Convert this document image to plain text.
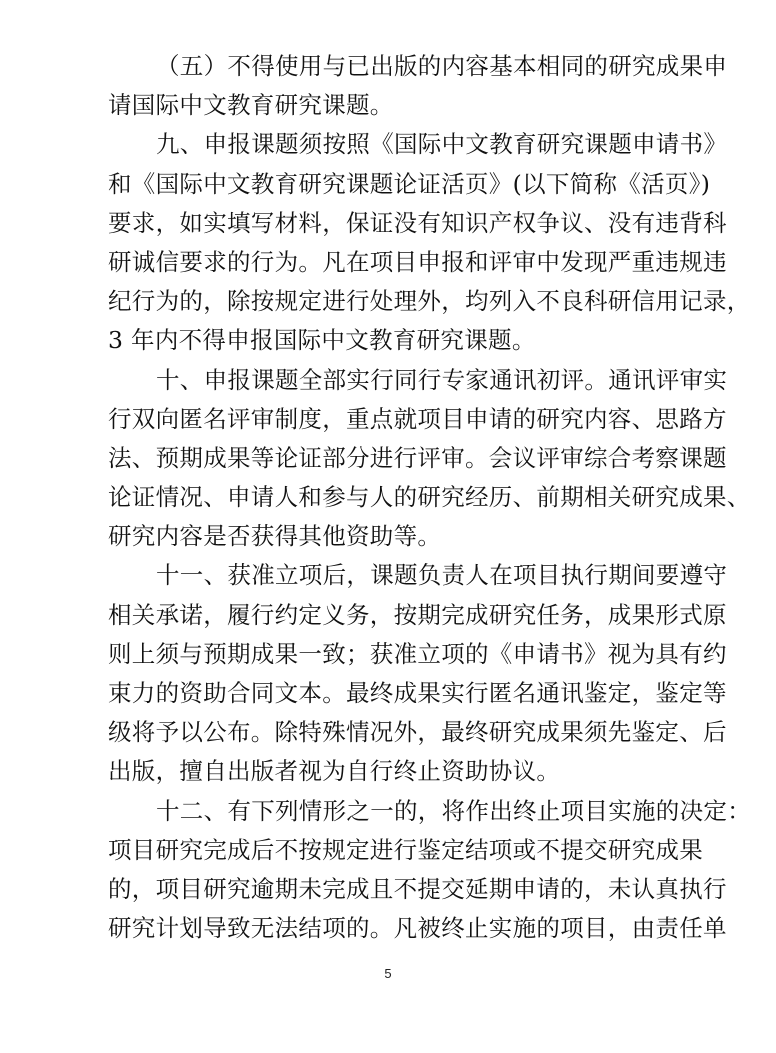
（五）不得使用与已出版的内容基本相同的研究成果申
请国际中文教育研究课题。
九、申报课题须按照《国际中文教育研究课题申请书》
和《国际中文教育研究课题论证活页》(以下简称《活页》)
要求，如实填写材料，保证没有知识产权争议、没有违背科
研诚信要求的行为。凡在项目申报和评审中发现严重违规违
纪行为的，除按规定进行处理外，均列入不良科研信用记录，
3 年内不得申报国际中文教育研究课题。
十、申报课题全部实行同行专家通讯初评。通讯评审实
行双向匿名评审制度，重点就项目申请的研究内容、思路方
法、预期成果等论证部分进行评审。会议评审综合考察课题
论证情况、申请人和参与人的研究经历、前期相关研究成果、
研究内容是否获得其他资助等。
十一、获准立项后，课题负责人在项目执行期间要遵守
相关承诺，履行约定义务，按期完成研究任务，成果形式原
则上须与预期成果一致；获准立项的《申请书》视为具有约
束力的资助合同文本。最终成果实行匿名通讯鉴定，鉴定等
级将予以公布。除特殊情况外，最终研究成果须先鉴定、后
出版，擅自出版者视为自行终止资助协议。
十二、有下列情形之一的，将作出终止项目实施的决定：
项目研究完成后不按规定进行鉴定结项或不提交研究成果
的，项目研究逾期未完成且不提交延期申请的，未认真执行
研究计划导致无法结项的。凡被终止实施的项目，由责任单
5
